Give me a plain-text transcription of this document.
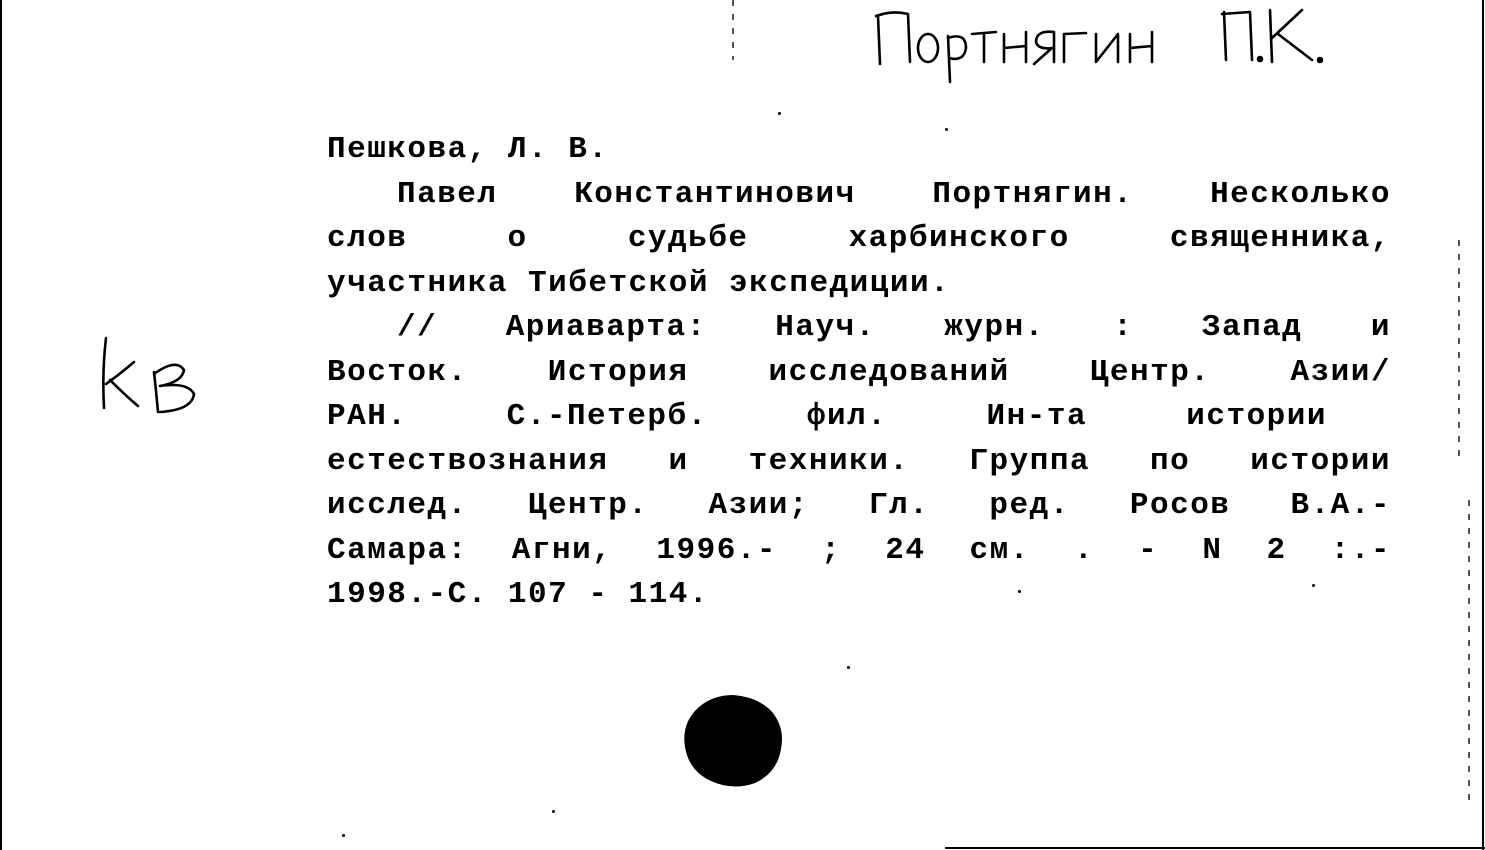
Пешкова, Л. В.
Павел Константинович Портнягин. Несколько
слов о судьбе харбинского священника,
участника Тибетской экспедиции.
// Ариаварта: Науч. журн. : Запад и
Восток. История исследований Центр. Азии/
РАН. С.-Петерб. фил. Ин-та истории
естествознания и техники. Группа по истории
исслед. Центр. Азии; Гл. ред. Росов В.А.-
Самара: Агни, 1996.- ; 24 см. . - N 2 :.-
1998.-С. 107 - 114.
